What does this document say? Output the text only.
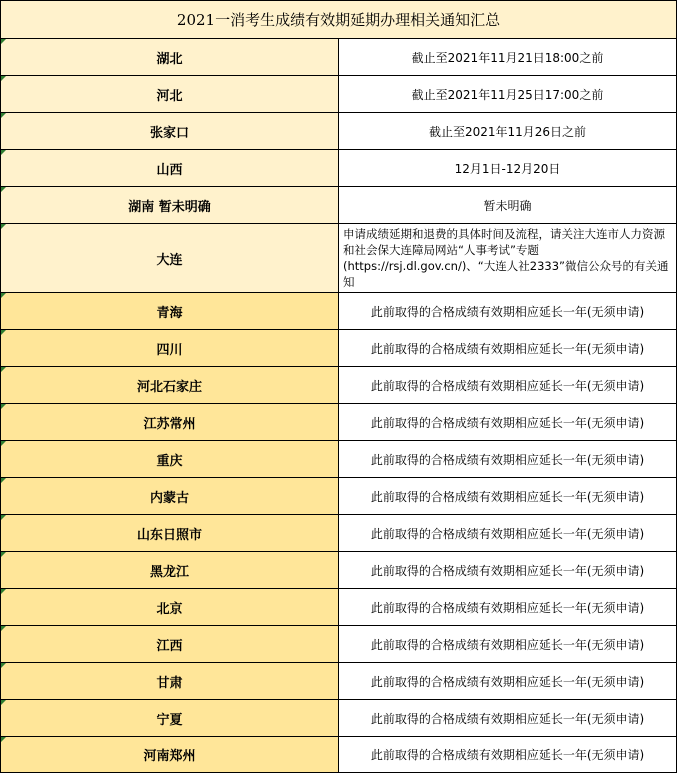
2021一消考生成绩有效期延期办理相关通知汇总	

湖北	截止至2021年11月21日18:00之前

河北	截止至2021年11月25日17:00之前

张家口	截止至2021年11月26日之前

山西	12月1日-12月20日

湖南 暂未明确	暂未明确

大连	申请成绩延期和退费的具体时间及流程，请关注大连市人力资源和社会保大连障局网站“人事考试”专题(https://rsj.dl.gov.cn/)、“大连人社2333”微信公众号的有关通知

青海	此前取得的合格成绩有效期相应延长一年(无须申请)

四川	此前取得的合格成绩有效期相应延长一年(无须申请)

河北石家庄	此前取得的合格成绩有效期相应延长一年(无须申请)

江苏常州	此前取得的合格成绩有效期相应延长一年(无须申请)

重庆	此前取得的合格成绩有效期相应延长一年(无须申请)

内蒙古	此前取得的合格成绩有效期相应延长一年(无须申请)

山东日照市	此前取得的合格成绩有效期相应延长一年(无须申请)

黑龙江	此前取得的合格成绩有效期相应延长一年(无须申请)

北京	此前取得的合格成绩有效期相应延长一年(无须申请)

江西	此前取得的合格成绩有效期相应延长一年(无须申请)

甘肃	此前取得的合格成绩有效期相应延长一年(无须申请)

宁夏	此前取得的合格成绩有效期相应延长一年(无须申请)

河南郑州	此前取得的合格成绩有效期相应延长一年(无须申请)
